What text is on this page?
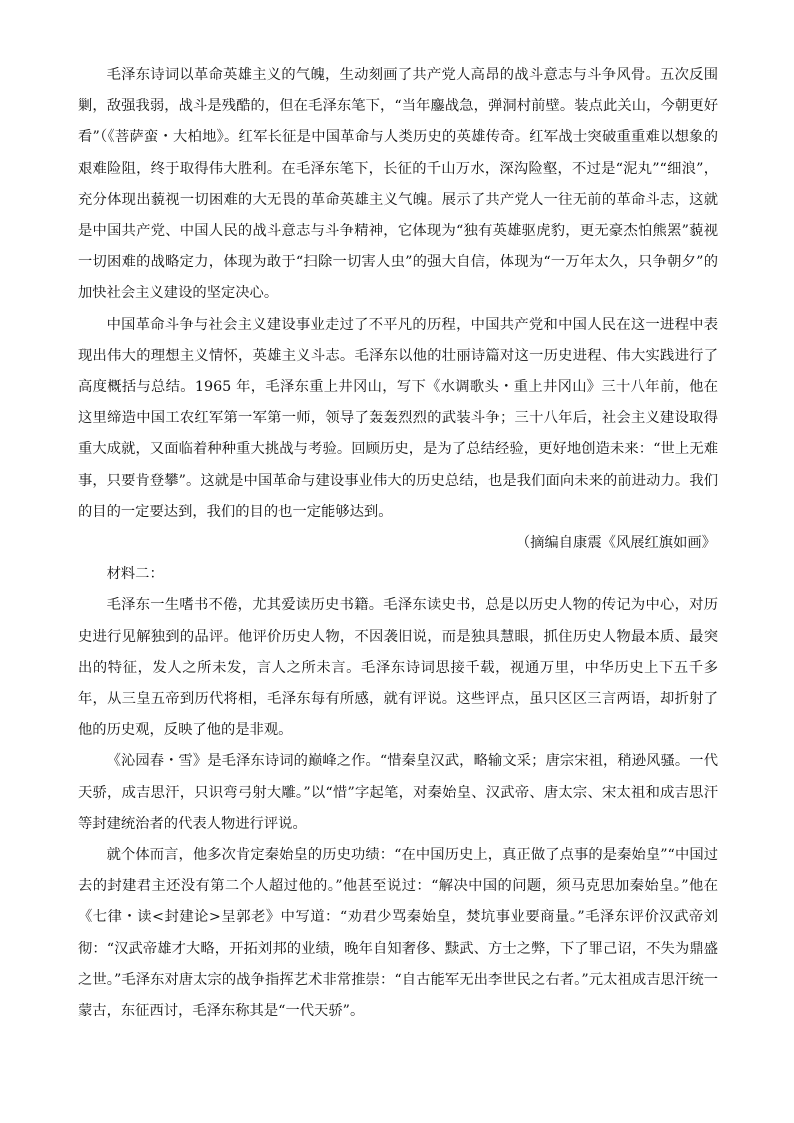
毛泽东诗词以革命英雄主义的气魄，生动刻画了共产党人高昂的战斗意志与斗争风骨。五次反围剿，敌强我弱，战斗是残酷的，但在毛泽东笔下，“当年鏖战急，弹洞村前壁。装点此关山，今朝更好看”（《菩萨蛮・大柏地》。红军长征是中国革命与人类历史的英雄传奇。红军战士突破重重难以想象的艰难险阻，终于取得伟大胜利。在毛泽东笔下，长征的千山万水，深沟险壑，不过是“泥丸”“细浪”，充分体现出藐视一切困难的大无畏的革命英雄主义气魄。展示了共产党人一往无前的革命斗志，这就是中国共产党、中国人民的战斗意志与斗争精神，它体现为“独有英雄驱虎豹，更无豪杰怕熊罴”藐视一切困难的战略定力，体现为敢于“扫除一切害人虫”的强大自信，体现为“一万年太久，只争朝夕”的加快社会主义建设的坚定决心。

中国革命斗争与社会主义建设事业走过了不平凡的历程，中国共产党和中国人民在这一进程中表现出伟大的理想主义情怀，英雄主义斗志。毛泽东以他的壮丽诗篇对这一历史进程、伟大实践进行了高度概括与总结。1965 年，毛泽东重上井冈山，写下《水调歌头・重上井冈山》三十八年前，他在这里缔造中国工农红军第一军第一师，领导了轰轰烈烈的武装斗争；三十八年后，社会主义建设取得重大成就，又面临着种种重大挑战与考验。回顾历史，是为了总结经验，更好地创造未来：“世上无难事，只要肯登攀”。这就是中国革命与建设事业伟大的历史总结，也是我们面向未来的前进动力。我们的目的一定要达到，我们的目的也一定能够达到。

（摘编自康震《风展红旗如画》

材料二：

毛泽东一生嗜书不倦，尤其爱读历史书籍。毛泽东读史书，总是以历史人物的传记为中心，对历史进行见解独到的品评。他评价历史人物，不因袭旧说，而是独具慧眼，抓住历史人物最本质、最突出的特征，发人之所未发，言人之所未言。毛泽东诗词思接千载，视通万里，中华历史上下五千多年，从三皇五帝到历代将相，毛泽东每有所感，就有评说。这些评点，虽只区区三言两语，却折射了他的历史观，反映了他的是非观。

《沁园春・雪》是毛泽东诗词的巅峰之作。“惜秦皇汉武，略输文采；唐宗宋祖，稍逊风骚。一代天骄，成吉思汗，只识弯弓射大雕。”以“惜”字起笔，对秦始皇、汉武帝、唐太宗、宋太祖和成吉思汗等封建统治者的代表人物进行评说。

就个体而言，他多次肯定秦始皇的历史功绩：“在中国历史上，真正做了点事的是秦始皇”“中国过去的封建君主还没有第二个人超过他的。”他甚至说过：“解决中国的问题，须马克思加秦始皇。”他在《七律・读<封建论>呈郭老》中写道：“劝君少骂秦始皇，焚坑事业要商量。”毛泽东评价汉武帝刘彻：“汉武帝雄才大略，开拓刘邦的业绩，晚年自知奢侈、黩武、方士之弊，下了罪己诏，不失为鼎盛之世。”毛泽东对唐太宗的战争指挥艺术非常推崇：“自古能军无出李世民之右者。”元太祖成吉思汗统一蒙古，东征西讨，毛泽东称其是“一代天骄”。
